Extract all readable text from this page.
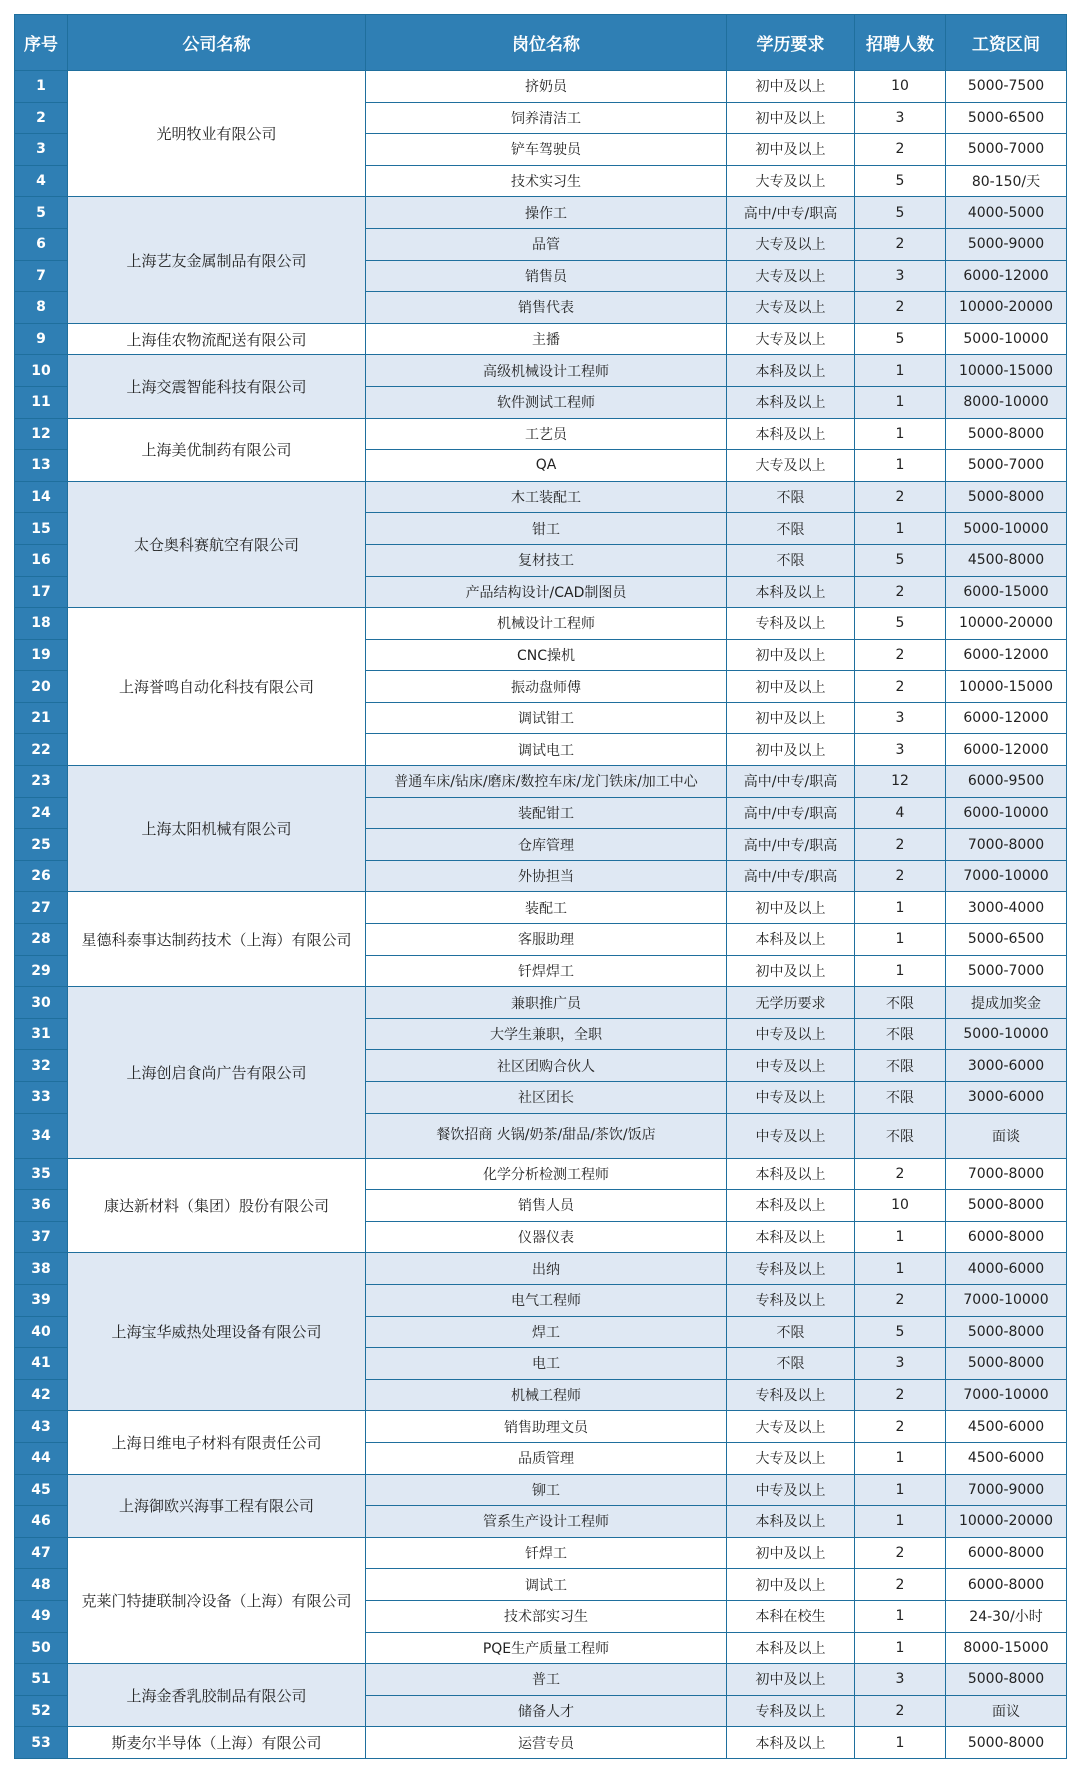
序号	公司名称	岗位名称	学历要求	招聘人数	工资区间
1	光明牧业有限公司	挤奶员	初中及以上	10	5000-7500
2		饲养清洁工	初中及以上	3	5000-6500
3		铲车驾驶员	初中及以上	2	5000-7000
4		技术实习生	大专及以上	5	80-150/天
5	上海艺友金属制品有限公司	操作工	高中/中专/职高	5	4000-5000
6		品管	大专及以上	2	5000-9000
7		销售员	大专及以上	3	6000-12000
8		销售代表	大专及以上	2	10000-20000
9	上海佳农物流配送有限公司	主播	大专及以上	5	5000-10000
10	上海交震智能科技有限公司	高级机械设计工程师	本科及以上	1	10000-15000
11		软件测试工程师	本科及以上	1	8000-10000
12	上海美优制药有限公司	工艺员	本科及以上	1	5000-8000
13		QA	大专及以上	1	5000-7000
14	太仓奥科赛航空有限公司	木工装配工	不限	2	5000-8000
15		钳工	不限	1	5000-10000
16		复材技工	不限	5	4500-8000
17		产品结构设计/CAD制图员	本科及以上	2	6000-15000
18	上海誉鸣自动化科技有限公司	机械设计工程师	专科及以上	5	10000-20000
19		CNC操机	初中及以上	2	6000-12000
20		振动盘师傅	初中及以上	2	10000-15000
21		调试钳工	初中及以上	3	6000-12000
22		调试电工	初中及以上	3	6000-12000
23	上海太阳机械有限公司	普通车床/钻床/磨床/数控车床/龙门铁床/加工中心	高中/中专/职高	12	6000-9500
24		装配钳工	高中/中专/职高	4	6000-10000
25		仓库管理	高中/中专/职高	2	7000-8000
26		外协担当	高中/中专/职高	2	7000-10000
27	星德科泰事达制药技术（上海）有限公司	装配工	初中及以上	1	3000-4000
28		客服助理	本科及以上	1	5000-6500
29		钎焊焊工	初中及以上	1	5000-7000
30	上海创启食尚广告有限公司	兼职推广员	无学历要求	不限	提成加奖金
31		大学生兼职，全职	中专及以上	不限	5000-10000
32		社区团购合伙人	中专及以上	不限	3000-6000
33		社区团长	中专及以上	不限	3000-6000
34		餐饮招商 火锅/奶茶/甜品/茶饮/饭店	中专及以上	不限	面谈
35	康达新材料（集团）股份有限公司	化学分析检测工程师	本科及以上	2	7000-8000
36		销售人员	本科及以上	10	5000-8000
37		仪器仪表	本科及以上	1	6000-8000
38	上海宝华威热处理设备有限公司	出纳	专科及以上	1	4000-6000
39		电气工程师	专科及以上	2	7000-10000
40		焊工	不限	5	5000-8000
41		电工	不限	3	5000-8000
42		机械工程师	专科及以上	2	7000-10000
43	上海日维电子材料有限责任公司	销售助理文员	大专及以上	2	4500-6000
44		品质管理	大专及以上	1	4500-6000
45	上海御欧兴海事工程有限公司	铆工	中专及以上	1	7000-9000
46		管系生产设计工程师	本科及以上	1	10000-20000
47	克莱门特捷联制冷设备（上海）有限公司	钎焊工	初中及以上	2	6000-8000
48		调试工	初中及以上	2	6000-8000
49		技术部实习生	本科在校生	1	24-30/小时
50		PQE生产质量工程师	本科及以上	1	8000-15000
51	上海金香乳胶制品有限公司	普工	初中及以上	3	5000-8000
52		储备人才	专科及以上	2	面议
53	斯麦尔半导体（上海）有限公司	运营专员	本科及以上	1	5000-8000
